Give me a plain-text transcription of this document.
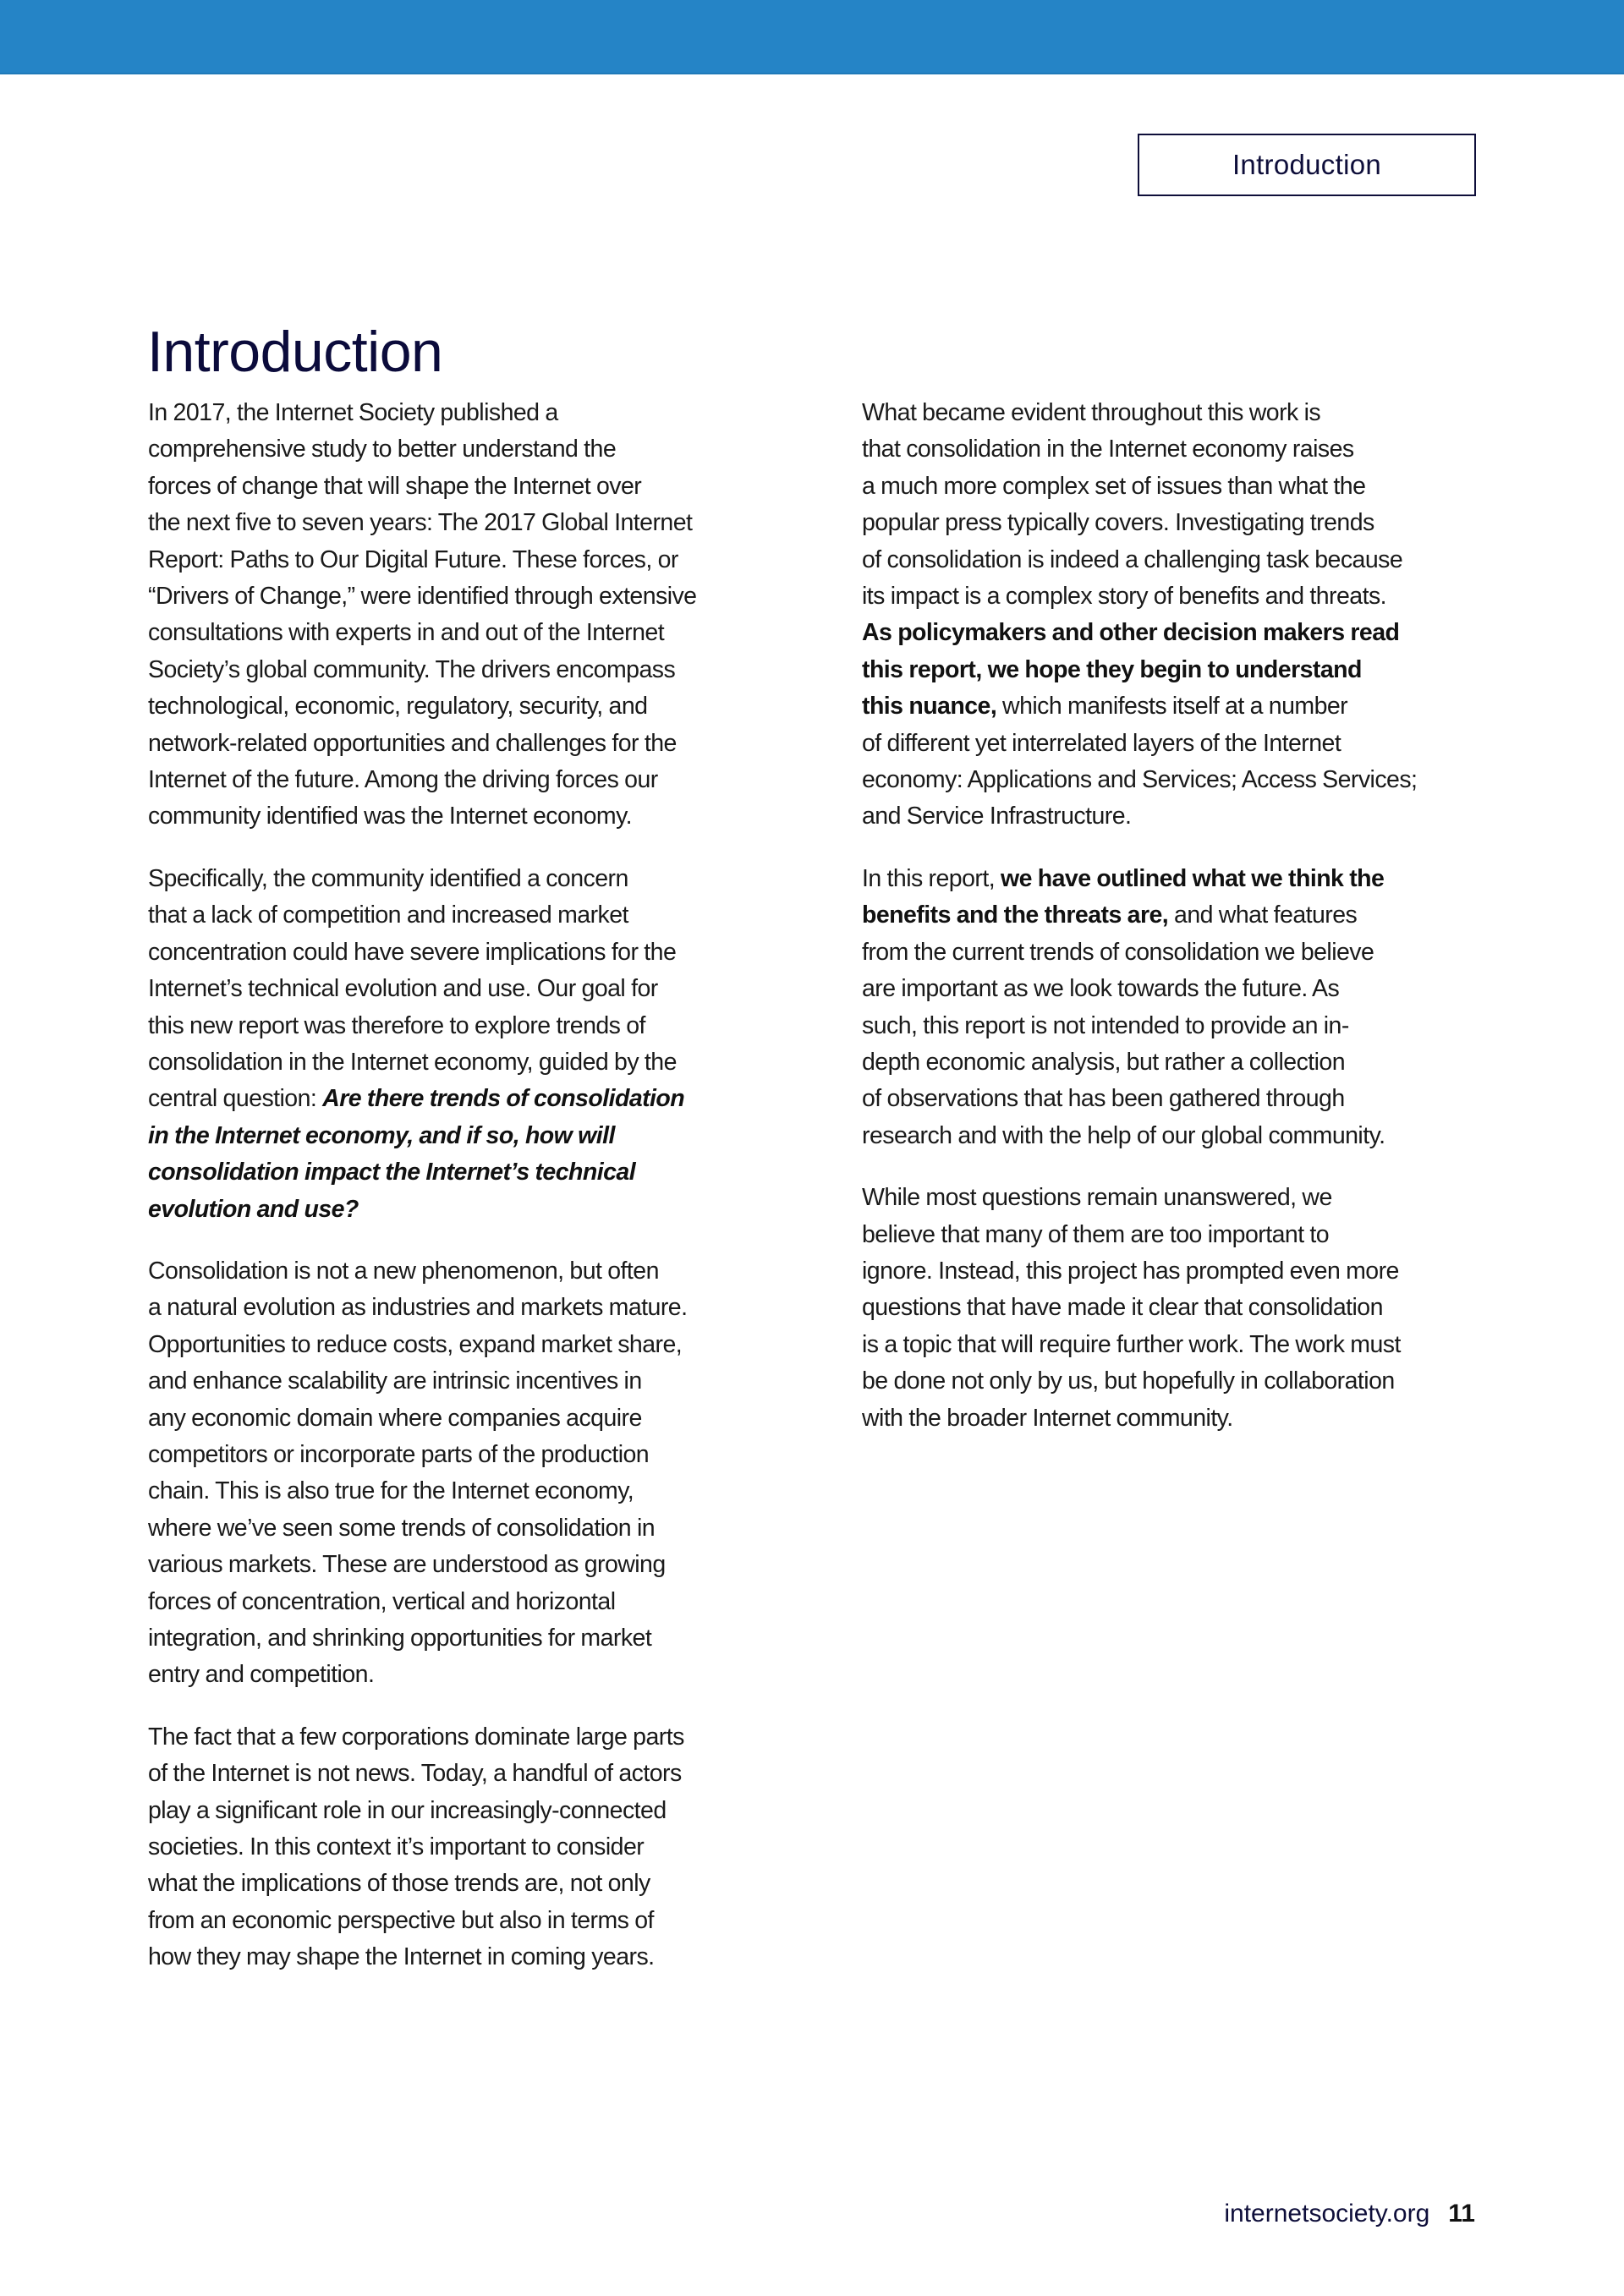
Introduction
Introduction

In 2017, the Internet Society published a
comprehensive study to better understand the
forces of change that will shape the Internet over
the next five to seven years: The 2017 Global Internet
Report: Paths to Our Digital Future. These forces, or
“Drivers of Change,” were identified through extensive
consultations with experts in and out of the Internet
Society’s global community. The drivers encompass
technological, economic, regulatory, security, and
network-related opportunities and challenges for the
Internet of the future. Among the driving forces our
community identified was the Internet economy.

Specifically, the community identified a concern
that a lack of competition and increased market
concentration could have severe implications for the
Internet’s technical evolution and use. Our goal for
this new report was therefore to explore trends of
consolidation in the Internet economy, guided by the
central question: Are there trends of consolidation
in the Internet economy, and if so, how will
consolidation impact the Internet’s technical
evolution and use?

Consolidation is not a new phenomenon, but often
a natural evolution as industries and markets mature.
Opportunities to reduce costs, expand market share,
and enhance scalability are intrinsic incentives in
any economic domain where companies acquire
competitors or incorporate parts of the production
chain. This is also true for the Internet economy,
where we’ve seen some trends of consolidation in
various markets. These are understood as growing
forces of concentration, vertical and horizontal
integration, and shrinking opportunities for market
entry and competition.

The fact that a few corporations dominate large parts
of the Internet is not news. Today, a handful of actors
play a significant role in our increasingly-connected
societies. In this context it’s important to consider
what the implications of those trends are, not only
from an economic perspective but also in terms of
how they may shape the Internet in coming years.

What became evident throughout this work is
that consolidation in the Internet economy raises
a much more complex set of issues than what the
popular press typically covers. Investigating trends
of consolidation is indeed a challenging task because
its impact is a complex story of benefits and threats.
As policymakers and other decision makers read
this report, we hope they begin to understand
this nuance, which manifests itself at a number
of different yet interrelated layers of the Internet
economy: Applications and Services; Access Services;
and Service Infrastructure.

In this report, we have outlined what we think the
benefits and the threats are, and what features
from the current trends of consolidation we believe
are important as we look towards the future. As
such, this report is not intended to provide an in-
depth economic analysis, but rather a collection
of observations that has been gathered through
research and with the help of our global community.

While most questions remain unanswered, we
believe that many of them are too important to
ignore. Instead, this project has prompted even more
questions that have made it clear that consolidation
is a topic that will require further work. The work must
be done not only by us, but hopefully in collaboration
with the broader Internet community.

internetsociety.org 11
